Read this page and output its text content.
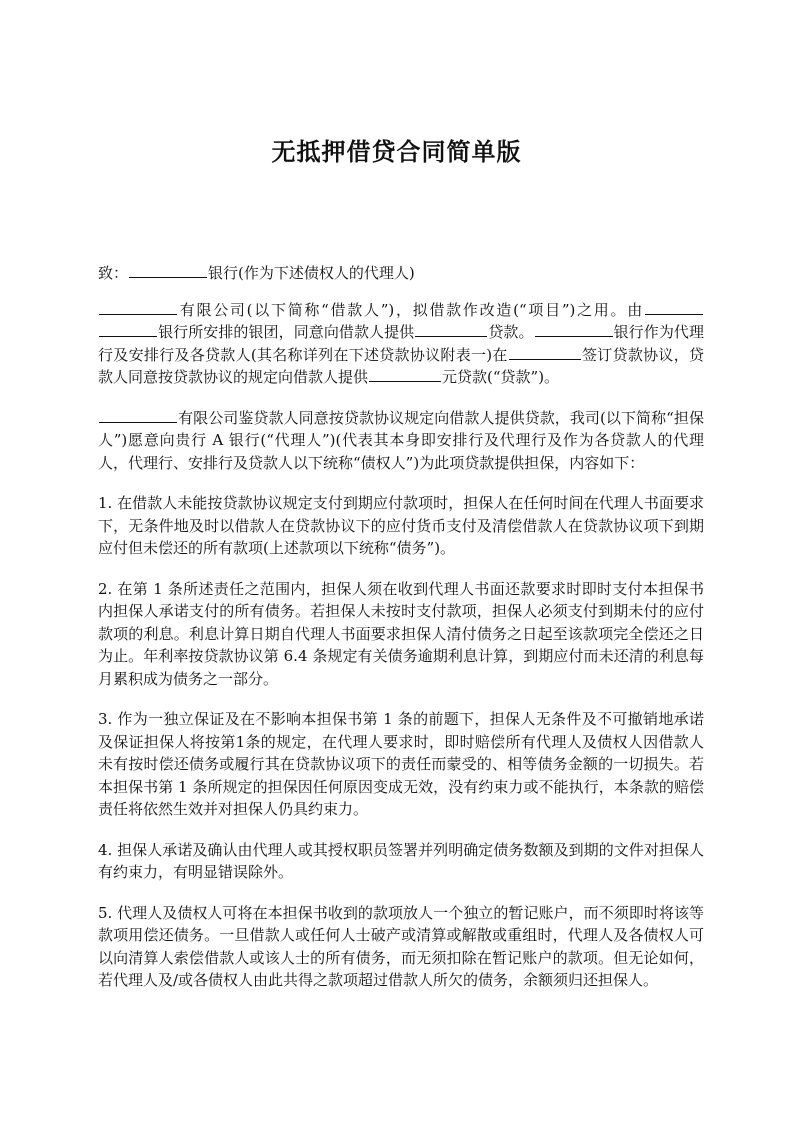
无抵押借贷合同简单版

致：	银行(作为下述债权人的代理人)

有限公司(以下简称“借款人”)，拟借款作改造(“项目”)之用。由银行所安排的银团，同意向借款人提供	贷款。	银行作为代理行及安排行及各贷款人(其名称详列在下述贷款协议附表一)在	签订贷款协议，贷款人同意按贷款协议的规定向借款人提供	元贷款(“贷款”)。

有限公司鉴贷款人同意按贷款协议规定向借款人提供贷款，我司(以下简称“担保人”)愿意向贵行 A 银行(“代理人”)(代表其本身即安排行及代理行及作为各贷款人的代理人，代理行、安排行及贷款人以下统称“债权人”)为此项贷款提供担保，内容如下：

1. 在借款人未能按贷款协议规定支付到期应付款项时，担保人在任何时间在代理人书面要求下，无条件地及时以借款人在贷款协议下的应付货币支付及清偿借款人在贷款协议项下到期应付但未偿还的所有款项(上述款项以下统称“债务”)。

2. 在第 1 条所述责任之范围内，担保人须在收到代理人书面还款要求时即时支付本担保书内担保人承诺支付的所有债务。若担保人未按时支付款项，担保人必须支付到期未付的应付款项的利息。利息计算日期自代理人书面要求担保人清付债务之日起至该款项完全偿还之日为止。年利率按贷款协议第 6.4 条规定有关债务逾期利息计算，到期应付而未还清的利息每月累积成为债务之一部分。

3. 作为一独立保证及在不影响本担保书第 1 条的前题下，担保人无条件及不可撤销地承诺及保证担保人将按第1条的规定，在代理人要求时，即时赔偿所有代理人及债权人因借款人未有按时偿还债务或履行其在贷款协议项下的责任而蒙受的、相等债务金额的一切损失。若本担保书第 1 条所规定的担保因任何原因变成无效，没有约束力或不能执行，本条款的赔偿责任将依然生效并对担保人仍具约束力。

4. 担保人承诺及确认由代理人或其授权职员签署并列明确定债务数额及到期的文件对担保人有约束力，有明显错误除外。

5. 代理人及债权人可将在本担保书收到的款项放人一个独立的暂记账户，而不须即时将该等款项用偿还债务。一旦借款人或任何人士破产或清算或解散或重组时，代理人及各债权人可以向清算人索偿借款人或该人士的所有债务，而无须扣除在暂记账户的款项。但无论如何，若代理人及/或各债权人由此共得之款项超过借款人所欠的债务，余额须归还担保人。
